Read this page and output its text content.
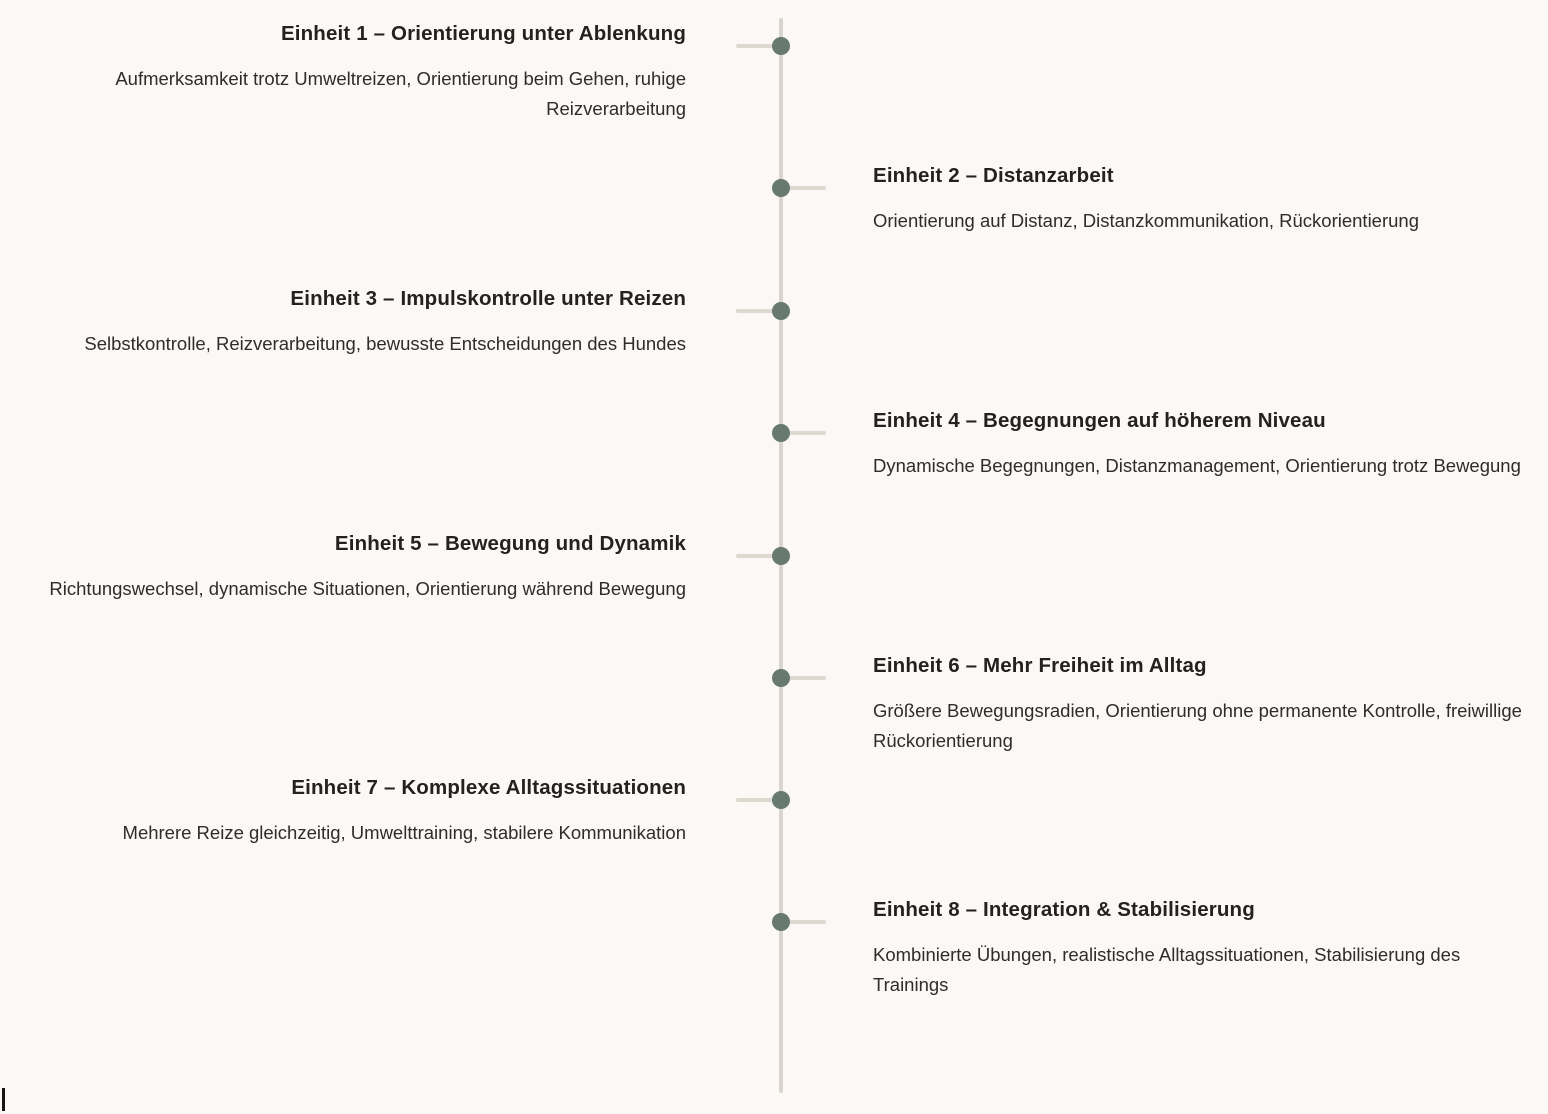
Einheit 1 – Orientierung unter Ablenkung

Aufmerksamkeit trotz Umweltreizen, Orientierung beim Gehen, ruhige Reizverarbeitung

Einheit 2 – Distanzarbeit

Orientierung auf Distanz, Distanzkommunikation, Rückorientierung

Einheit 3 – Impulskontrolle unter Reizen

Selbstkontrolle, Reizverarbeitung, bewusste Entscheidungen des Hundes

Einheit 4 – Begegnungen auf höherem Niveau

Dynamische Begegnungen, Distanzmanagement, Orientierung trotz Bewegung

Einheit 5 – Bewegung und Dynamik

Richtungswechsel, dynamische Situationen, Orientierung während Bewegung

Einheit 6 – Mehr Freiheit im Alltag

Größere Bewegungsradien, Orientierung ohne permanente Kontrolle, freiwillige Rückorientierung

Einheit 7 – Komplexe Alltagssituationen

Mehrere Reize gleichzeitig, Umwelttraining, stabilere Kommunikation

Einheit 8 – Integration & Stabilisierung

Kombinierte Übungen, realistische Alltagssituationen, Stabilisierung des Trainings
